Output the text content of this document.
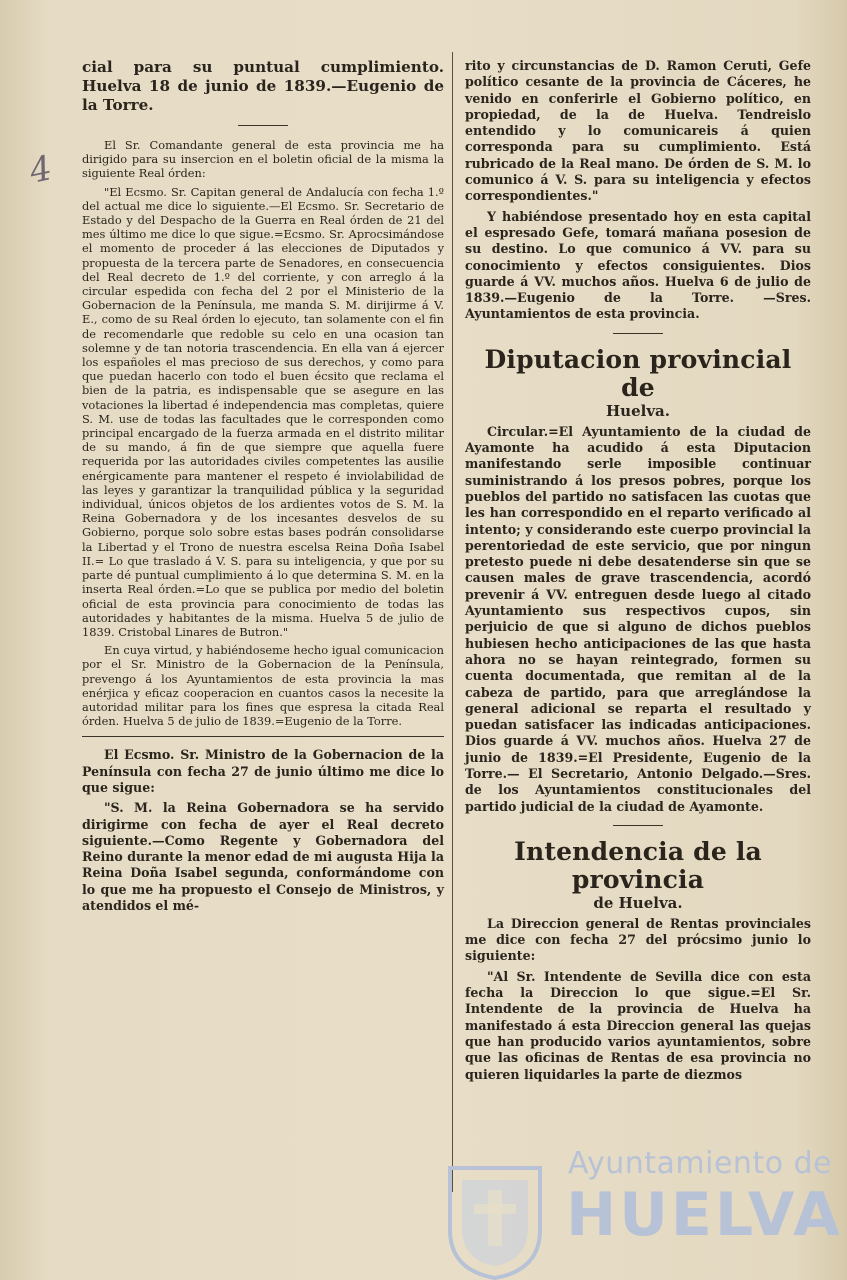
4

cial para su puntual cumplimiento. Huelva 18 de junio de 1839.—Eugenio de la Torre.

El Sr. Comandante general de esta provincia me ha dirigido para su insercion en el boletin oficial de la misma la siguiente Real órden:

"El Ecsmo. Sr. Capitan general de Andalucía con fecha 1.º del actual me dice lo siguiente.—El Ecsmo. Sr. Secretario de Estado y del Despacho de la Guerra en Real órden de 21 del mes último me dice lo que sigue.=Ecsmo. Sr. Aprocsimándose el momento de proceder á las elecciones de Diputados y propuesta de la tercera parte de Senadores, en consecuencia del Real decreto de 1.º del corriente, y con arreglo á la circular espedida con fecha del 2 por el Ministerio de la Gobernacion de la Península, me manda S. M. dirijirme á V. E., como de su Real órden lo ejecuto, tan solamente con el fin de recomendarle que redoble su celo en una ocasion tan solemne y de tan notoria trascendencia. En ella van á ejercer los españoles el mas precioso de sus derechos, y como para que puedan hacerlo con todo el buen écsito que reclama el bien de la patria, es indispensable que se asegure en las votaciones la libertad é independencia mas completas, quiere S. M. use de todas las facultades que le corresponden como principal encargado de la fuerza armada en el distrito militar de su mando, á fin de que siempre que aquella fuere requerida por las autoridades civiles competentes las ausilie enérgicamente para mantener el respeto é inviolabilidad de las leyes y garantizar la tranquilidad pública y la seguridad individual, únicos objetos de los ardientes votos de S. M. la Reina Gobernadora y de los incesantes desvelos de su Gobierno, porque solo sobre estas bases podrán consolidarse la Libertad y el Trono de nuestra escelsa Reina Doña Isabel II.= Lo que traslado á V. S. para su inteligencia, y que por su parte dé puntual cumplimiento á lo que determina S. M. en la inserta Real órden.=Lo que se publica por medio del boletin oficial de esta provincia para conocimiento de todas las autoridades y habitantes de la misma. Huelva 5 de julio de 1839. Cristobal Linares de Butron."

En cuya virtud, y habiéndoseme hecho igual comunicacion por el Sr. Ministro de la Gobernacion de la Península, prevengo á los Ayuntamientos de esta provincia la mas enérjica y eficaz cooperacion en cuantos casos la necesite la autoridad militar para los fines que espresa la citada Real órden. Huelva 5 de julio de 1839.=Eugenio de la Torre.

El Ecsmo. Sr. Ministro de la Gobernacion de la Península con fecha 27 de junio último me dice lo que sigue:

"S. M. la Reina Gobernadora se ha servido dirigirme con fecha de ayer el Real decreto siguiente.—Como Regente y Gobernadora del Reino durante la menor edad de mi augusta Hija la Reina Doña Isabel segunda, conformándome con lo que me ha propuesto el Consejo de Ministros, y atendidos el mé-

rito y circunstancias de D. Ramon Ceruti, Gefe político cesante de la provincia de Cáceres, he venido en conferirle el Gobierno político, en propiedad, de la de Huelva. Tendreislo entendido y lo comunicareis á quien corresponda para su cumplimiento. Está rubricado de la Real mano. De órden de S. M. lo comunico á V. S. para su inteligencia y efectos correspondientes."

Y habiéndose presentado hoy en esta capital el espresado Gefe, tomará mañana posesion de su destino. Lo que comunico á VV. para su conocimiento y efectos consiguientes. Dios guarde á VV. muchos años. Huelva 6 de julio de 1839.—Eugenio de la Torre. —Sres. Ayuntamientos de esta provincia.

Diputacion provincial de
Huelva.

Circular.=El Ayuntamiento de la ciudad de Ayamonte ha acudido á esta Diputacion manifestando serle imposible continuar suministrando á los presos pobres, porque los pueblos del partido no satisfacen las cuotas que les han correspondido en el reparto verificado al intento; y considerando este cuerpo provincial la perentoriedad de este servicio, que por ningun pretesto puede ni debe desatenderse sin que se causen males de grave trascendencia, acordó prevenir á VV. entreguen desde luego al citado Ayuntamiento sus respectivos cupos, sin perjuicio de que si alguno de dichos pueblos hubiesen hecho anticipaciones de las que hasta ahora no se hayan reintegrado, formen su cuenta documentada, que remitan al de la cabeza de partido, para que arreglándose la general adicional se reparta el resultado y puedan satisfacer las indicadas anticipaciones. Dios guarde á VV. muchos años. Huelva 27 de junio de 1839.=El Presidente, Eugenio de la Torre.— El Secretario, Antonio Delgado.—Sres. de los Ayuntamientos constitucionales del partido judicial de la ciudad de Ayamonte.

Intendencia de la provincia
de Huelva.

La Direccion general de Rentas provinciales me dice con fecha 27 del prócsimo junio lo siguiente:

"Al Sr. Intendente de Sevilla dice con esta fecha la Direccion lo que sigue.=El Sr. Intendente de la provincia de Huelva ha manifestado á esta Direccion general las quejas que han producido varios ayuntamientos, sobre que las oficinas de Rentas de esa provincia no quieren liquidarles la parte de diezmos

Ayuntamiento de
HUELVA
